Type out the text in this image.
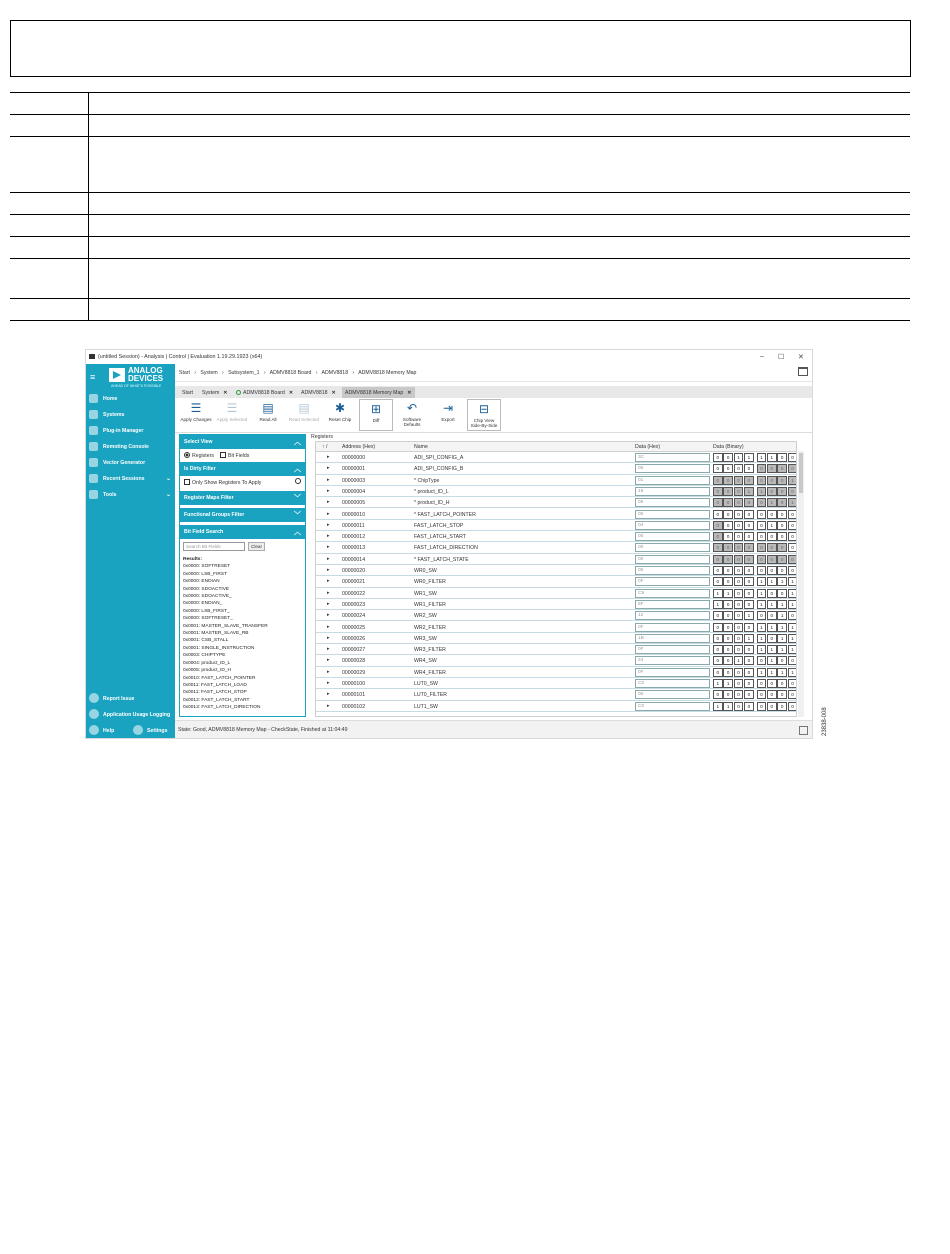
(untitled Session) - Analysis | Control | Evaluation 1.19.29.1923 (x64)	– ☐ ✕
≡
ANALOG
DEVICES
AHEAD OF WHAT'S POSSIBLE
Home
Systems
Plug-in Manager
Remoting Console
Vector Generator
Recent Sessions	⌄
Tools	⌄
Report Issue
Application Usage Logging
Help	Settings
Start   ›   System   ›   Subsystem_1   ›   ADMV8818 Board   ›   ADMV8818   ›   ADMV8818 Memory Map
Start	System ✕	ADMV8818 Board ✕	ADMV8818 ✕	ADMV8818 Memory Map ✕
☰
Apply Changes
☰
Apply Selected
▤
Read All
▤
Read Selected
✱
Reset Chip
⊞
Diff
↶
Software Defaults
⇥
Export
⊟
Chip View Side-By-Side
Select View	︿
Registers	Bit Fields
Is Dirty Filter	︿
Only Show Registers To Apply
Register Maps Filter	﹀
Functional Groups Filter	﹀
Bit Field Search	︿
Search Bit Fields	Clear
Results:
0x0000: SOFTRESET
0x0000: LSB_FIRST
0x0000: ENDIAN
0x0000: SDOACTIVE
0x0000: SDOACTIVE_
0x0000: ENDIAN_
0x0000: LSB_FIRST_
0x0000: SOFTRESET_
0x0001: MASTER_SLAVE_TRANSFER
0x0001: MASTER_SLAVE_RB
0x0001: CSB_STALL
0x0001: SINGLE_INSTRUCTION
0x0003: CHIPTYPE
0x0004: product_ID_L
0x0005: product_ID_H
0x0010: FAST_LATCH_POINTER
0x0011: FAST_LATCH_LOAD
0x0011: FAST_LATCH_STOP
0x0012: FAST_LATCH_START
0x0013: FAST_LATCH_DIRECTION
Registers
↑ /	Address (Hex)	Name	Data (Hex)	Data (Binary)
▸ 00000000	ADI_SPI_CONFIG_A	3C	0	0	1	1	1	1	0	0
▸ 00000001	ADI_SPI_CONFIG_B	00	0	0	0	0	0	0	0	0
▸ 00000003	* ChipType	01	0	0	0	0	0	0	0	1
▸ 00000004	* product_ID_L	18	0	0	0	1	1	0	0	0
▸ 00000005	* product_ID_H	05	0	0	0	0	0	1	0	1
▸ 00000010	* FAST_LATCH_POINTER	00	0	0	0	0	0	0	0	0
▸ 00000011	FAST_LATCH_STOP	04	0	0	0	0	0	1	0	0
▸ 00000012	FAST_LATCH_START	00	0	0	0	0	0	0	0	0
▸ 00000013	FAST_LATCH_DIRECTION	00	0	0	0	0	0	0	0	0
▸ 00000014	* FAST_LATCH_STATE	00	0	0	0	0	0	0	0	0
▸ 00000020	WR0_SW	00	0	0	0	0	0	0	0	0
▸ 00000021	WR0_FILTER	0F	0	0	0	0	1	1	1	1
▸ 00000022	WR1_SW	C9	1	1	0	0	1	0	0	1
▸ 00000023	WR1_FILTER	8F	1	0	0	0	1	1	1	1
▸ 00000024	WR2_SW	12	0	0	0	1	0	0	1	0
▸ 00000025	WR2_FILTER	0F	0	0	0	0	1	1	1	1
▸ 00000026	WR3_SW	1B	0	0	0	1	1	0	1	1
▸ 00000027	WR3_FILTER	0F	0	0	0	0	1	1	1	1
▸ 00000028	WR4_SW	24	0	0	1	0	0	1	0	0
▸ 00000029	WR4_FILTER	0F	0	0	0	0	1	1	1	1
▸ 00000100	LUT0_SW	C0	1	1	0	0	0	0	0	0
▸ 00000101	LUT0_FILTER	00	0	0	0	0	0	0	0	0
▸ 00000102	LUT1_SW	C0	1	1	0	0	0	0	0	0
State: Good, ADMV8818 Memory Map - CheckState, Finished at 11:04:49	23838-008
